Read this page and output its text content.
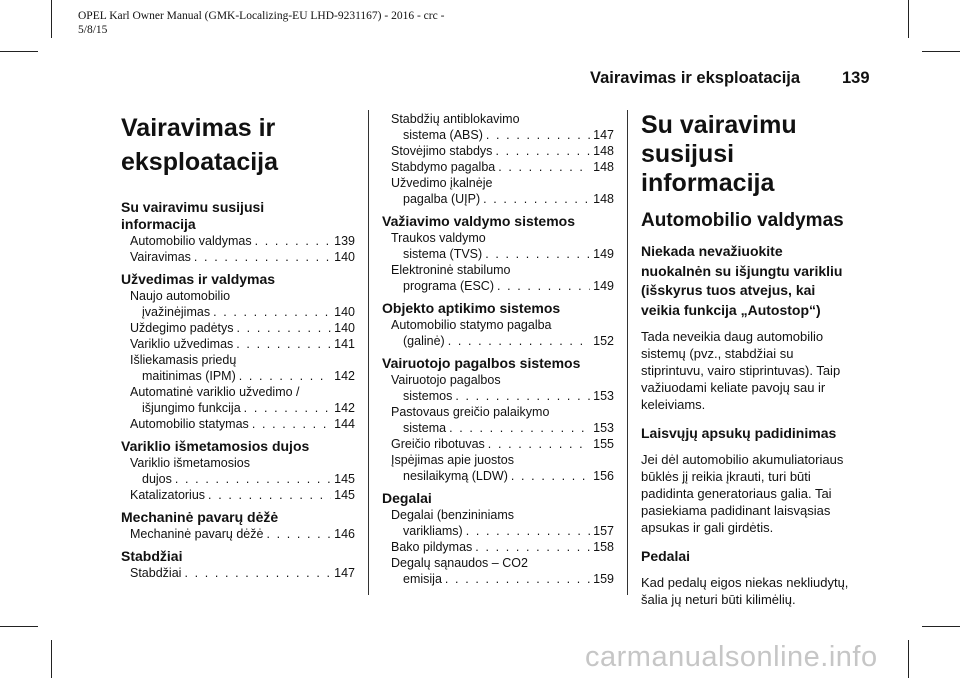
OPEL Karl Owner Manual (GMK-Localizing-EU LHD-9231167) - 2016 - crc -
5/8/15
Vairavimas ir eksploatacija	139
Vairavimas ir
eksploatacija
Su vairavimu susijusi
informacija
Automobilio valdymas . . .	139
Vairavimas . . .	140
Užvedimas ir valdymas
Naujo automobilio
įvažinėjimas . . .	140
Uždegimo padėtys . . .	140
Variklio užvedimas . . .	141
Išliekamasis priedų
maitinimas (IPM) . . .	142
Automatinė variklio užvedimo /
išjungimo funkcija . . .	142
Automobilio statymas . . .	144
Variklio išmetamosios dujos
Variklio išmetamosios
dujos . . .	145
Katalizatorius . . .	145
Mechaninė pavarų dėžė
Mechaninė pavarų dėžė . . .	146
Stabdžiai
Stabdžiai . . .	147
Stabdžių antiblokavimo
sistema (ABS) . . .	147
Stovėjimo stabdys . . .	148
Stabdymo pagalba . . .	148
Užvedimo įkalnėje
pagalba (UĮP) . . .	148
Važiavimo valdymo sistemos
Traukos valdymo
sistema (TVS) . . .	149
Elektroninė stabilumo
programa (ESC) . . .	149
Objekto aptikimo sistemos
Automobilio statymo pagalba
(galinė) . . .	152
Vairuotojo pagalbos sistemos
Vairuotojo pagalbos
sistemos . . .	153
Pastovaus greičio palaikymo
sistema . . .	153
Greičio ribotuvas . . .	155
Įspėjimas apie juostos
nesilaikymą (LDW) . . .	156
Degalai
Degalai (benzininiams
varikliams) . . .	157
Bako pildymas . . .	158
Degalų sąnaudos – CO2
emisija . . .	159
Su vairavimu susijusi
informacija
Automobilio valdymas
Niekada nevažiuokite
nuokalnėn su išjungtu varikliu
(išskyrus tuos atvejus, kai
veikia funkcija „Autostop“)
Tada neveikia daug automobilio
sistemų (pvz., stabdžiai su
stiprintuvu, vairo stiprintuvas). Taip
važiuodami keliate pavojų sau ir
keleiviams.
Laisvųjų apsukų padidinimas
Jei dėl automobilio akumuliatoriaus
būklės jį reikia įkrauti, turi būti
padidinta generatoriaus galia. Tai
pasiekiama padidinant laisvąsias
apsukas ir gali girdėtis.
Pedalai
Kad pedalų eigos niekas nekliudytų,
šalia jų neturi būti kilimėlių.
carmanualsonline.info
